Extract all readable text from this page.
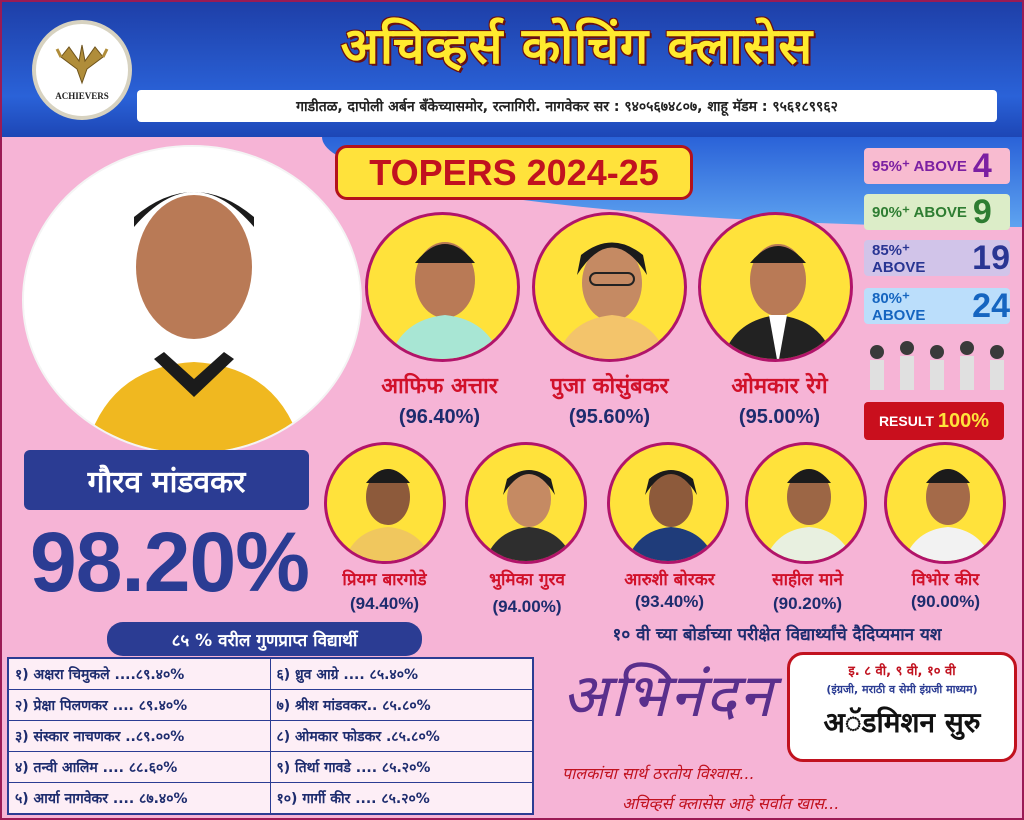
ACHIEVERS
अचिव्हर्स कोचिंग क्लासेस
गाडीतळ, दापोली अर्बन बँकेच्यासमोर, रत्नागिरी. नागवेकर सर : ९४०५६७४८०७, शाहू मॅडम : ९५६१८९९६२
TOPERS 2024-25	95%⁺ ABOVE 4
90%⁺ ABOVE 9
85%⁺ ABOVE	19
80%⁺ ABOVE	24
गौरव मांडवकर
98.20%
आफिफ अत्तार
(96.40%)
पुजा कोसुंबकर
(95.60%)
ओमकार रेगे
(95.00%)	RESULT 100%
प्रियम बारगोडे
(94.40%)
भुमिका गुरव
(94.00%)
आरुशी बोरकर
(93.40%)
साहील माने
(90.20%)
विभोर कीर
(90.00%)
१० वी च्या बोर्डाच्या परीक्षेत विद्यार्थ्यांचे दैदिप्यमान यश
८५ % वरील गुणप्राप्त विद्यार्थी
१) अक्षरा चिमुकले ....८९.४०%	६) ध्रुव आग्रे .... ८५.४०%
२) प्रेक्षा पिलणकर .... ८९.४०%	७) श्रीश मांडवकर.. ८५.८०%
३) संस्कार नाचणकर ..८९.००%	८) ओमकार फोडकर .८५.८०%
४) तन्वी आलिम .... ८८.६०%	९) तिर्था गावडे .... ८५.२०%
५) आर्या नागवेकर .... ८७.४०%	१०) गार्गी कीर .... ८५.२०%
अभिनंदन	इ. ८ वी, ९ वी, १० वी
(इंग्रजी, मराठी व सेमी इंग्रजी माध्यम)
अॅडमिशन सुरु
पालकांचा सार्थ ठरतोय विश्वास...
अचिव्हर्स क्लासेस आहे सर्वात खास...
